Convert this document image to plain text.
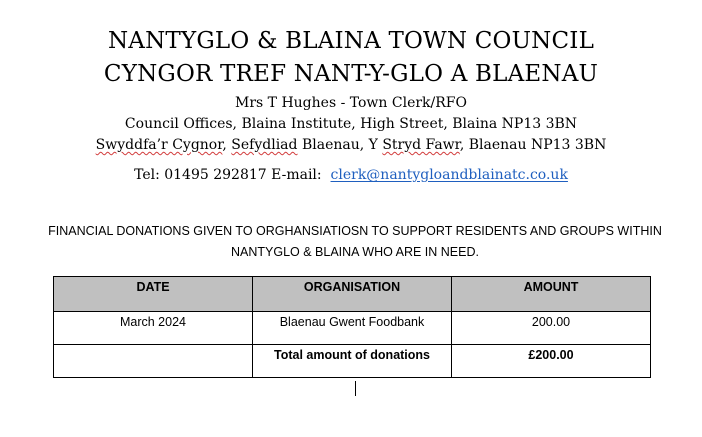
NANTYGLO & BLAINA TOWN COUNCIL
CYNGOR TREF NANT-Y-GLO A BLAENAU
Mrs T Hughes - Town Clerk/RFO
Council Offices, Blaina Institute, High Street, Blaina NP13 3BN
Swyddfa’r Cygnor, Sefydliad Blaenau, Y Stryd Fawr, Blaenau NP13 3BN
Tel: 01495 292817 E-mail:  clerk@nantygloandblainatc.co.uk
FINANCIAL DONATIONS GIVEN TO ORGHANSIATIOSN TO SUPPORT RESIDENTS AND GROUPS WITHIN
NANTYGLO & BLAINA WHO ARE IN NEED.
DATE	ORGANISATION	AMOUNT
March 2024	Blaenau Gwent Foodbank	200.00
	Total amount of donations	£200.00
